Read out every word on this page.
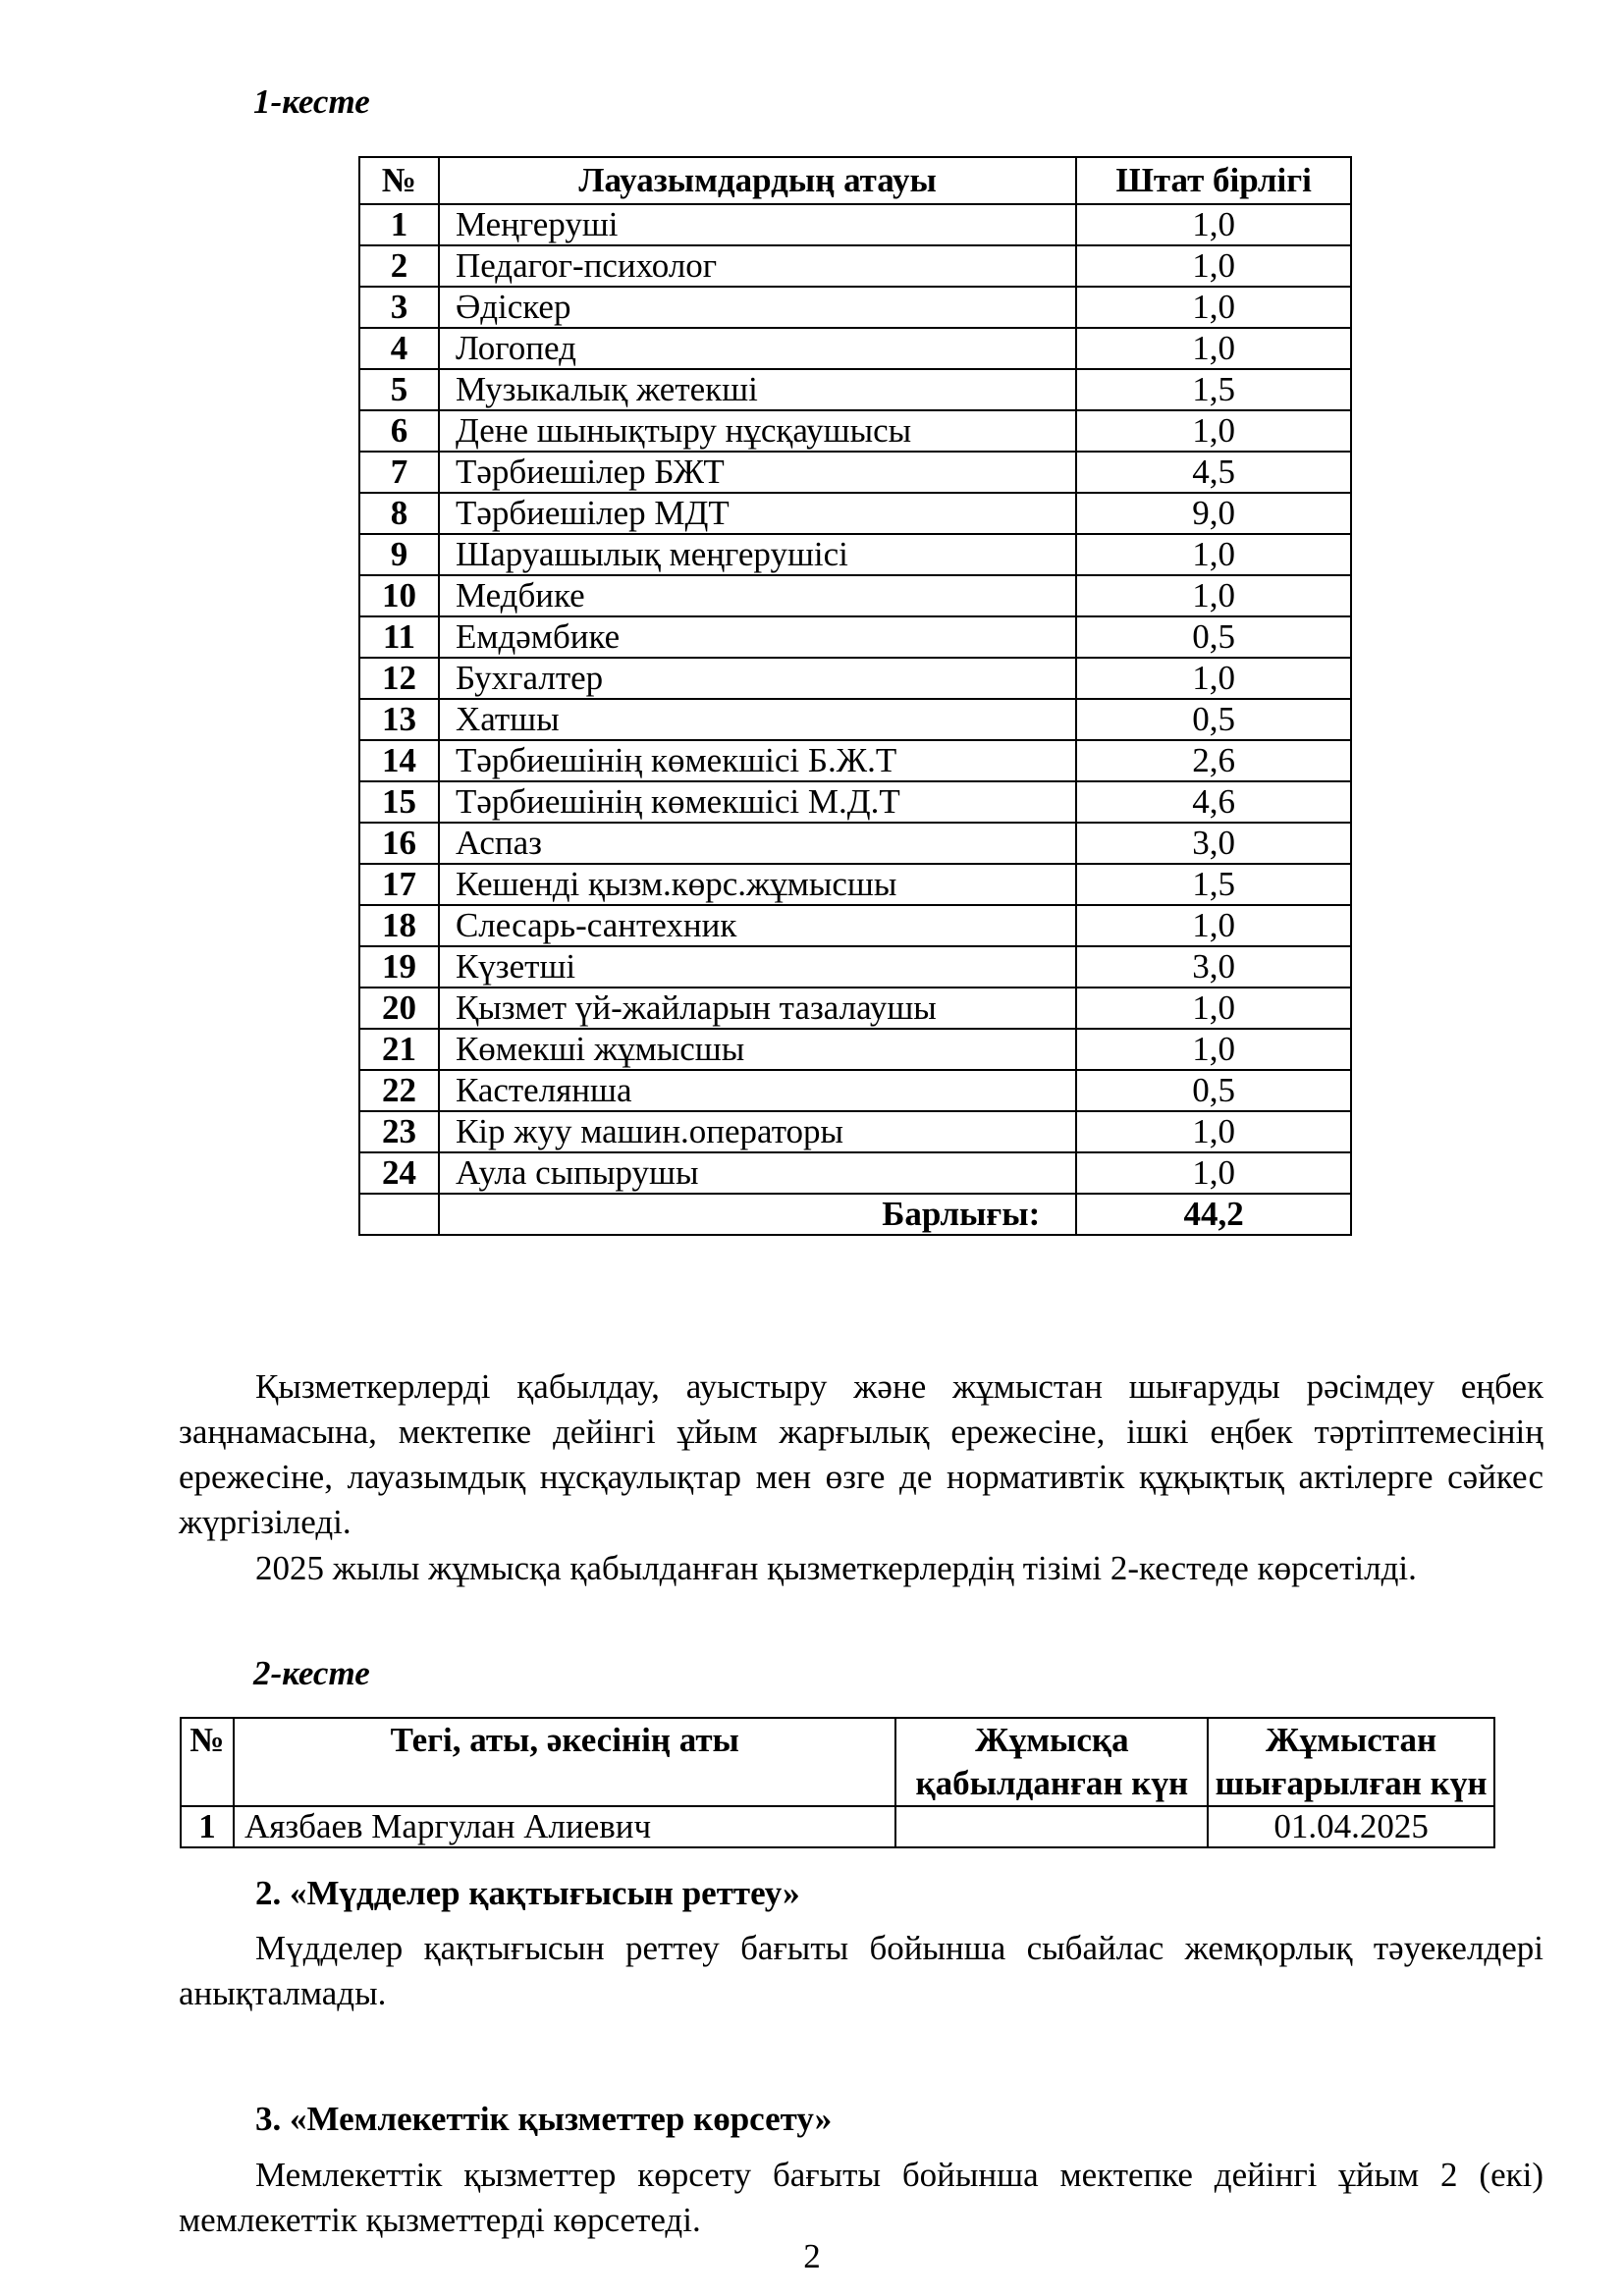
1-кесте
№	Лауазымдардың атауы	Штат бірлігі
1	Меңгеруші	1,0
2	Педагог-психолог	1,0
3	Әдіскер	1,0
4	Логопед	1,0
5	Музыкалық жетекші	1,5
6	Дене шынықтыру нұсқаушысы	1,0
7	Тәрбиешілер БЖТ	4,5
8	Тәрбиешілер МДТ	9,0
9	Шаруашылық меңгерушісі	1,0
10	Медбике	1,0
11	Емдәмбике	0,5
12	Бухгалтер	1,0
13	Хатшы	0,5
14	Тәрбиешінің көмекшісі Б.Ж.Т	2,6
15	Тәрбиешінің көмекшісі М.Д.Т	4,6
16	Аспаз	3,0
17	Кешенді қызм.көрс.жұмысшы	1,5
18	Слесарь-сантехник	1,0
19	Күзетші	3,0
20	Қызмет үй-жайларын тазалаушы	1,0
21	Көмекші жұмысшы	1,0
22	Кастелянша	0,5
23	Кір жуу машин.операторы	1,0
24	Аула сыпырушы	1,0
	Барлығы:	44,2
Қызметкерлерді қабылдау, ауыстыру және жұмыстан шығаруды рәсімдеу еңбек заңнамасына, мектепке дейінгі ұйым жарғылық ережесіне, ішкі еңбек тәртіптемесінің ережесіне, лауазымдық нұсқаулықтар мен өзге де нормативтік құқықтық актілерге сәйкес жүргізіледі.
2025 жылы жұмысқа қабылданған қызметкерлердің тізімі 2-кестеде көрсетілді.
2-кесте
№	Тегі, аты, әкесінің аты	Жұмысқа қабылданған күн	Жұмыстан шығарылған күн
1	Аязбаев Маргулан Алиевич		01.04.2025
2. «Мүдделер қақтығысын реттеу»
Мүдделер қақтығысын реттеу бағыты бойынша сыбайлас жемқорлық тәуекелдері анықталмады.
3. «Мемлекеттік қызметтер көрсету»
Мемлекеттік қызметтер көрсету бағыты бойынша мектепке дейінгі ұйым 2 (екі) мемлекеттік қызметтерді көрсетеді.
2
